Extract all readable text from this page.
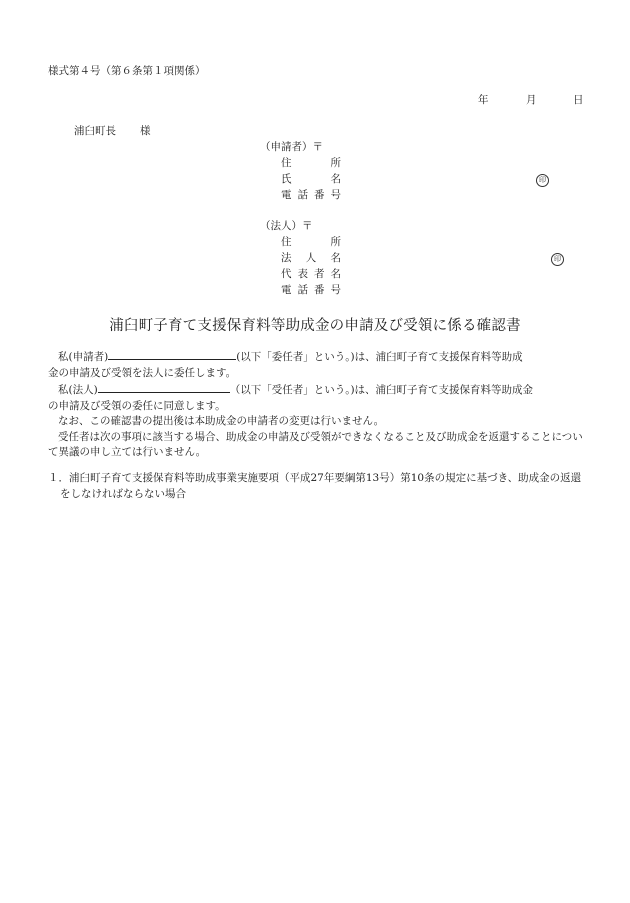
様式第４号（第６条第１項関係）
年	月	日
浦臼町長 様
（申請者）〒
住	所
氏	名	印
電 話 番 号
（法人）〒
住	所
法 人 名	印
代 表 者 名
電 話 番 号
浦臼町子育て支援保育料等助成金の申請及び受領に係る確認書

私(申請者)	(以下「委任者」という。)は、浦臼町子育て支援保育料等助成

金の申請及び受領を法人に委任します。

私(法人)	（以下「受任者」という。)は、浦臼町子育て支援保育料等助成金

の申請及び受領の委任に同意します。

なお、この確認書の提出後は本助成金の申請者の変更は行いません。

受任者は次の事項に該当する場合、助成金の申請及び受領ができなくなること及び助成金を返還することについて異議の申し立ては行いません。

１．浦臼町子育て支援保育料等助成事業実施要項（平成27年要綱第13号）第10条の規定に基づき、助成金の返還をしなければならない場合
